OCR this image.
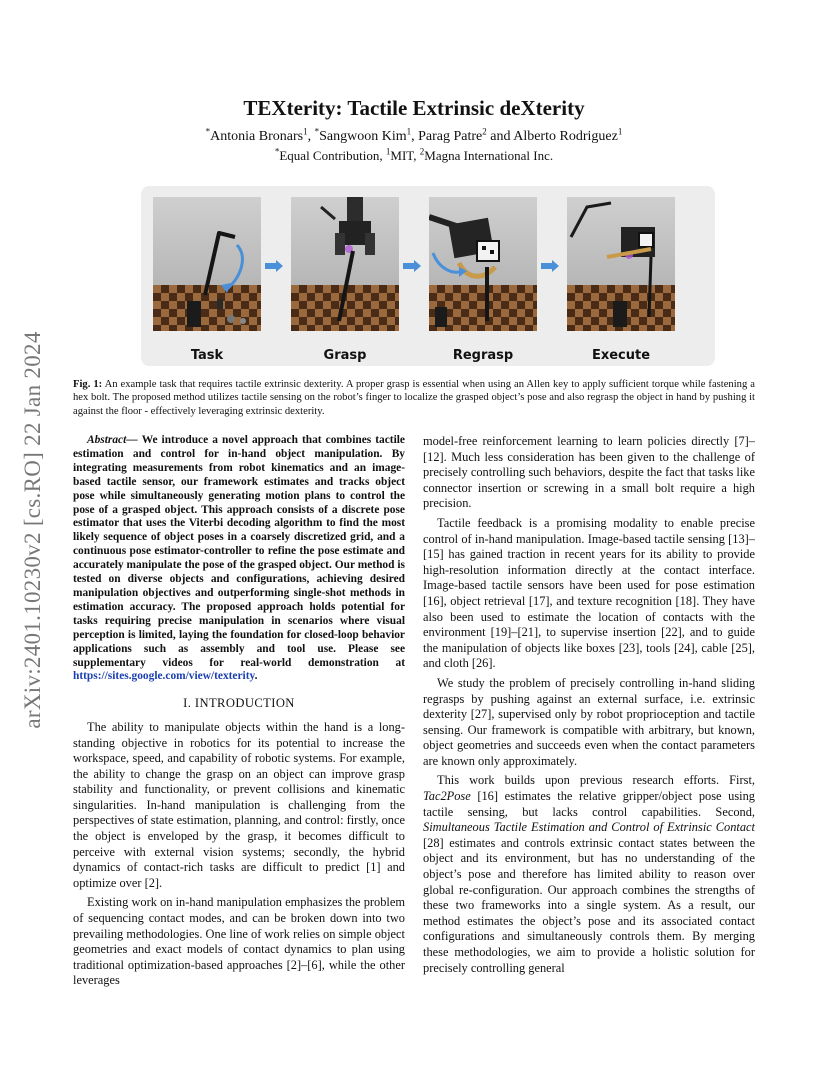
arXiv:2401.10230v2 [cs.RO] 22 Jan 2024
TEXterity: Tactile Extrinsic deXterity
*Antonia Bronars$^1$, *Sangwoon Kim$^1$, Parag Patre$^2$ and Alberto Rodriguez$^1$
*Equal Contribution, $^1$MIT, $^2$Magna International Inc.
Task	Grasp	Regrasp	Execute
Fig. 1: An example task that requires tactile extrinsic dexterity. A proper grasp is essential when using an Allen key to apply sufficient torque while fastening a hex bolt. The proposed method utilizes tactile sensing on the robot’s finger to localize the grasped object’s pose and also regrasp the object in hand by pushing it against the floor - effectively leveraging extrinsic dexterity.

Abstract— We introduce a novel approach that combines tactile estimation and control for in-hand object manipulation. By integrating measurements from robot kinematics and an image-based tactile sensor, our framework estimates and tracks object pose while simultaneously generating motion plans to control the pose of a grasped object. This approach consists of a discrete pose estimator that uses the Viterbi decoding algorithm to find the most likely sequence of object poses in a coarsely discretized grid, and a continuous pose estimator-controller to refine the pose estimate and accurately manipulate the pose of the grasped object. Our method is tested on diverse objects and configurations, achieving desired manipulation objectives and outperforming single-shot methods in estimation accuracy. The proposed approach holds potential for tasks requiring precise manipulation in scenarios where visual perception is limited, laying the foundation for closed-loop behavior applications such as assembly and tool use. Please see supplementary videos for real-world demonstration at https://sites.google.com/view/texterity.

I. INTRODUCTION

The ability to manipulate objects within the hand is a long-standing objective in robotics for its potential to increase the workspace, speed, and capability of robotic systems. For example, the ability to change the grasp on an object can improve grasp stability and functionality, or prevent collisions and kinematic singularities. In-hand manipulation is challenging from the perspectives of state estimation, planning, and control: firstly, once the object is enveloped by the grasp, it becomes difficult to perceive with external vision systems; secondly, the hybrid dynamics of contact-rich tasks are difficult to predict [1] and optimize over [2].

Existing work on in-hand manipulation emphasizes the problem of sequencing contact modes, and can be broken down into two prevailing methodologies. One line of work relies on simple object geometries and exact models of contact dynamics to plan using traditional optimization-based approaches [2]–[6], while the other leverages

model-free reinforcement learning to learn policies directly [7]–[12]. Much less consideration has been given to the challenge of precisely controlling such behaviors, despite the fact that tasks like connector insertion or screwing in a small bolt require a high precision.

Tactile feedback is a promising modality to enable precise control of in-hand manipulation. Image-based tactile sensing [13]–[15] has gained traction in recent years for its ability to provide high-resolution information directly at the contact interface. Image-based tactile sensors have been used for pose estimation [16], object retrieval [17], and texture recognition [18]. They have also been used to estimate the location of contacts with the environment [19]–[21], to supervise insertion [22], and to guide the manipulation of objects like boxes [23], tools [24], cable [25], and cloth [26].

We study the problem of precisely controlling in-hand sliding regrasps by pushing against an external surface, i.e. extrinsic dexterity [27], supervised only by robot proprioception and tactile sensing. Our framework is compatible with arbitrary, but known, object geometries and succeeds even when the contact parameters are known only approximately.

This work builds upon previous research efforts. First, Tac2Pose [16] estimates the relative gripper/object pose using tactile sensing, but lacks control capabilities. Second, Simultaneous Tactile Estimation and Control of Extrinsic Contact [28] estimates and controls extrinsic contact states between the object and its environment, but has no understanding of the object’s pose and therefore has limited ability to reason over global re-configuration. Our approach combines the strengths of these two frameworks into a single system. As a result, our method estimates the object’s pose and its associated contact configurations and simultaneously controls them. By merging these methodologies, we aim to provide a holistic solution for precisely controlling general
